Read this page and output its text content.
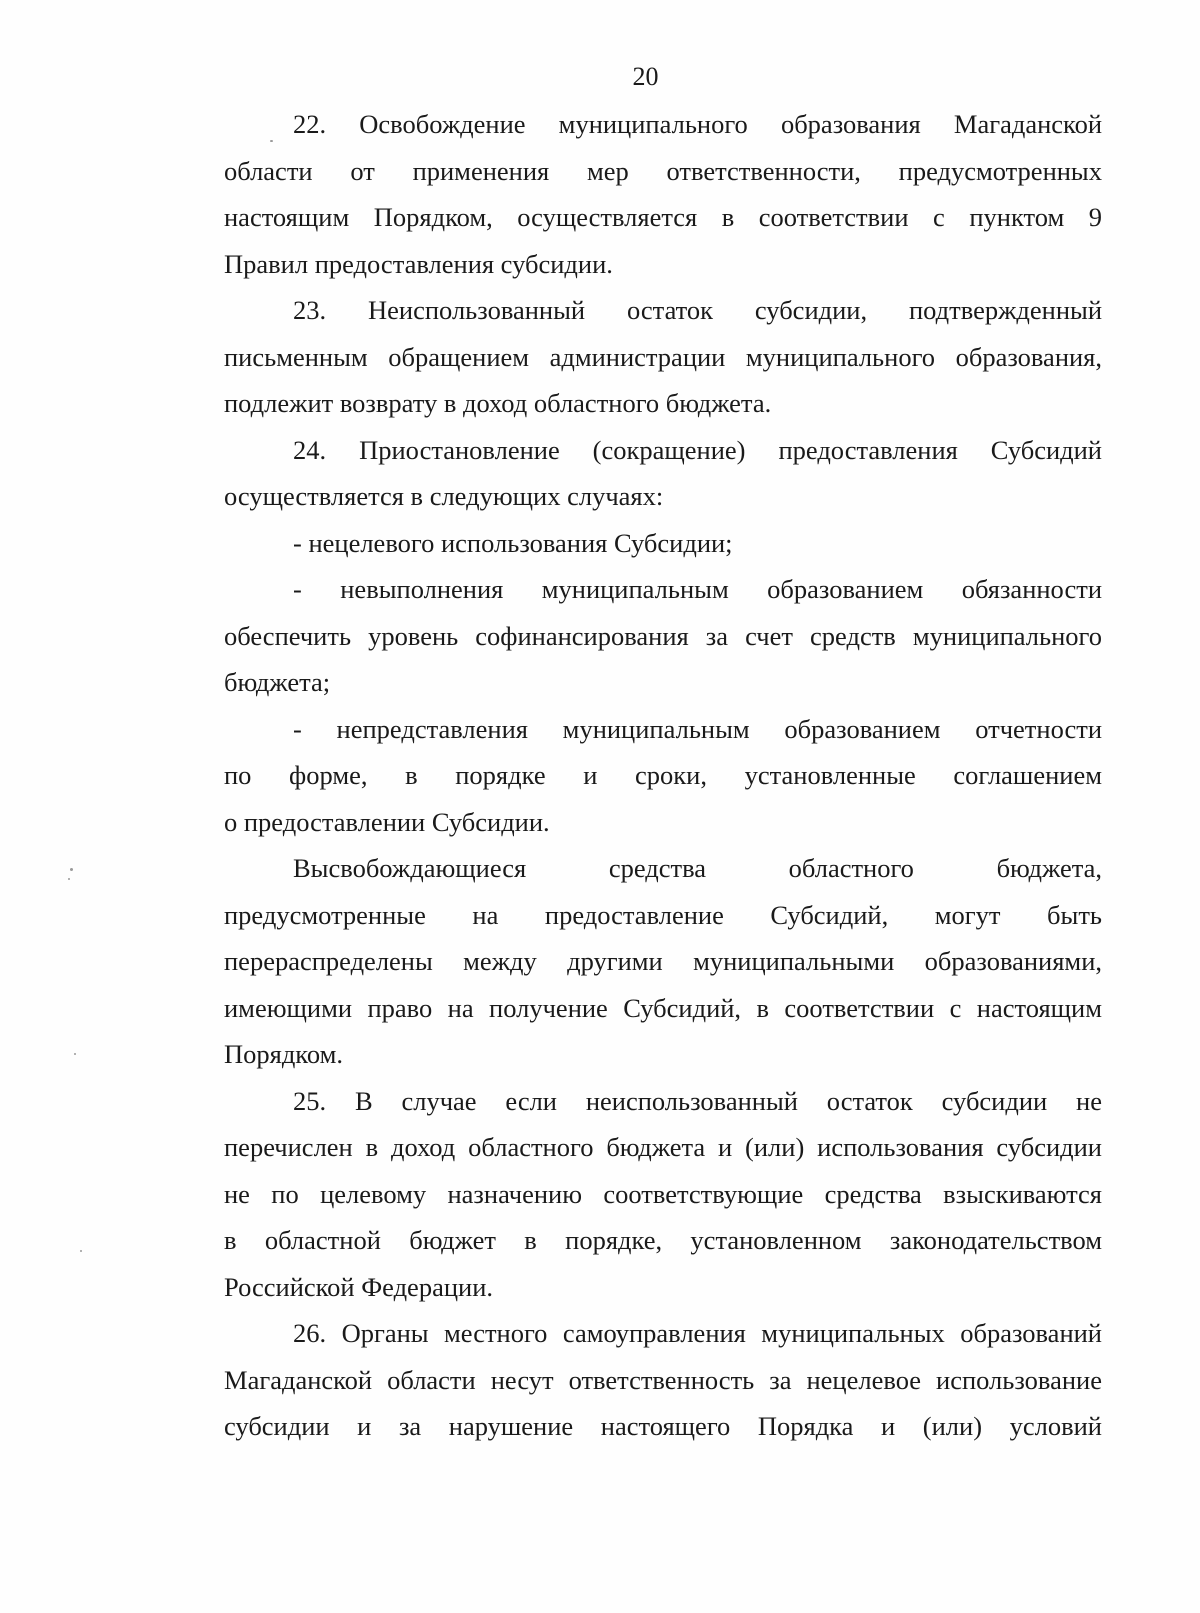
20
22. Освобождение муниципального образования Магаданской
области от применения мер ответственности, предусмотренных
настоящим Порядком, осуществляется в соответствии с пунктом 9
Правил предоставления субсидии.
23. Неиспользованный остаток субсидии, подтвержденный
письменным обращением администрации муниципального образования,
подлежит возврату в доход областного бюджета.
24. Приостановление (сокращение) предоставления Субсидий
осуществляется в следующих случаях:
- нецелевого использования Субсидии;
- невыполнения муниципальным образованием обязанности
обеспечить уровень софинансирования за счет средств муниципального
бюджета;
- непредставления муниципальным образованием отчетности
по форме, в порядке и сроки, установленные соглашением
о предоставлении Субсидии.
Высвобождающиеся средства областного бюджета,
предусмотренные на предоставление Субсидий, могут быть
перераспределены между другими муниципальными образованиями,
имеющими право на получение Субсидий, в соответствии с настоящим
Порядком.
25. В случае если неиспользованный остаток субсидии не
перечислен в доход областного бюджета и (или) использования субсидии
не по целевому назначению соответствующие средства взыскиваются
в областной бюджет в порядке, установленном законодательством
Российской Федерации.
26. Органы местного самоуправления муниципальных образований
Магаданской области несут ответственность за нецелевое использование
субсидии и за нарушение настоящего Порядка и (или) условий
